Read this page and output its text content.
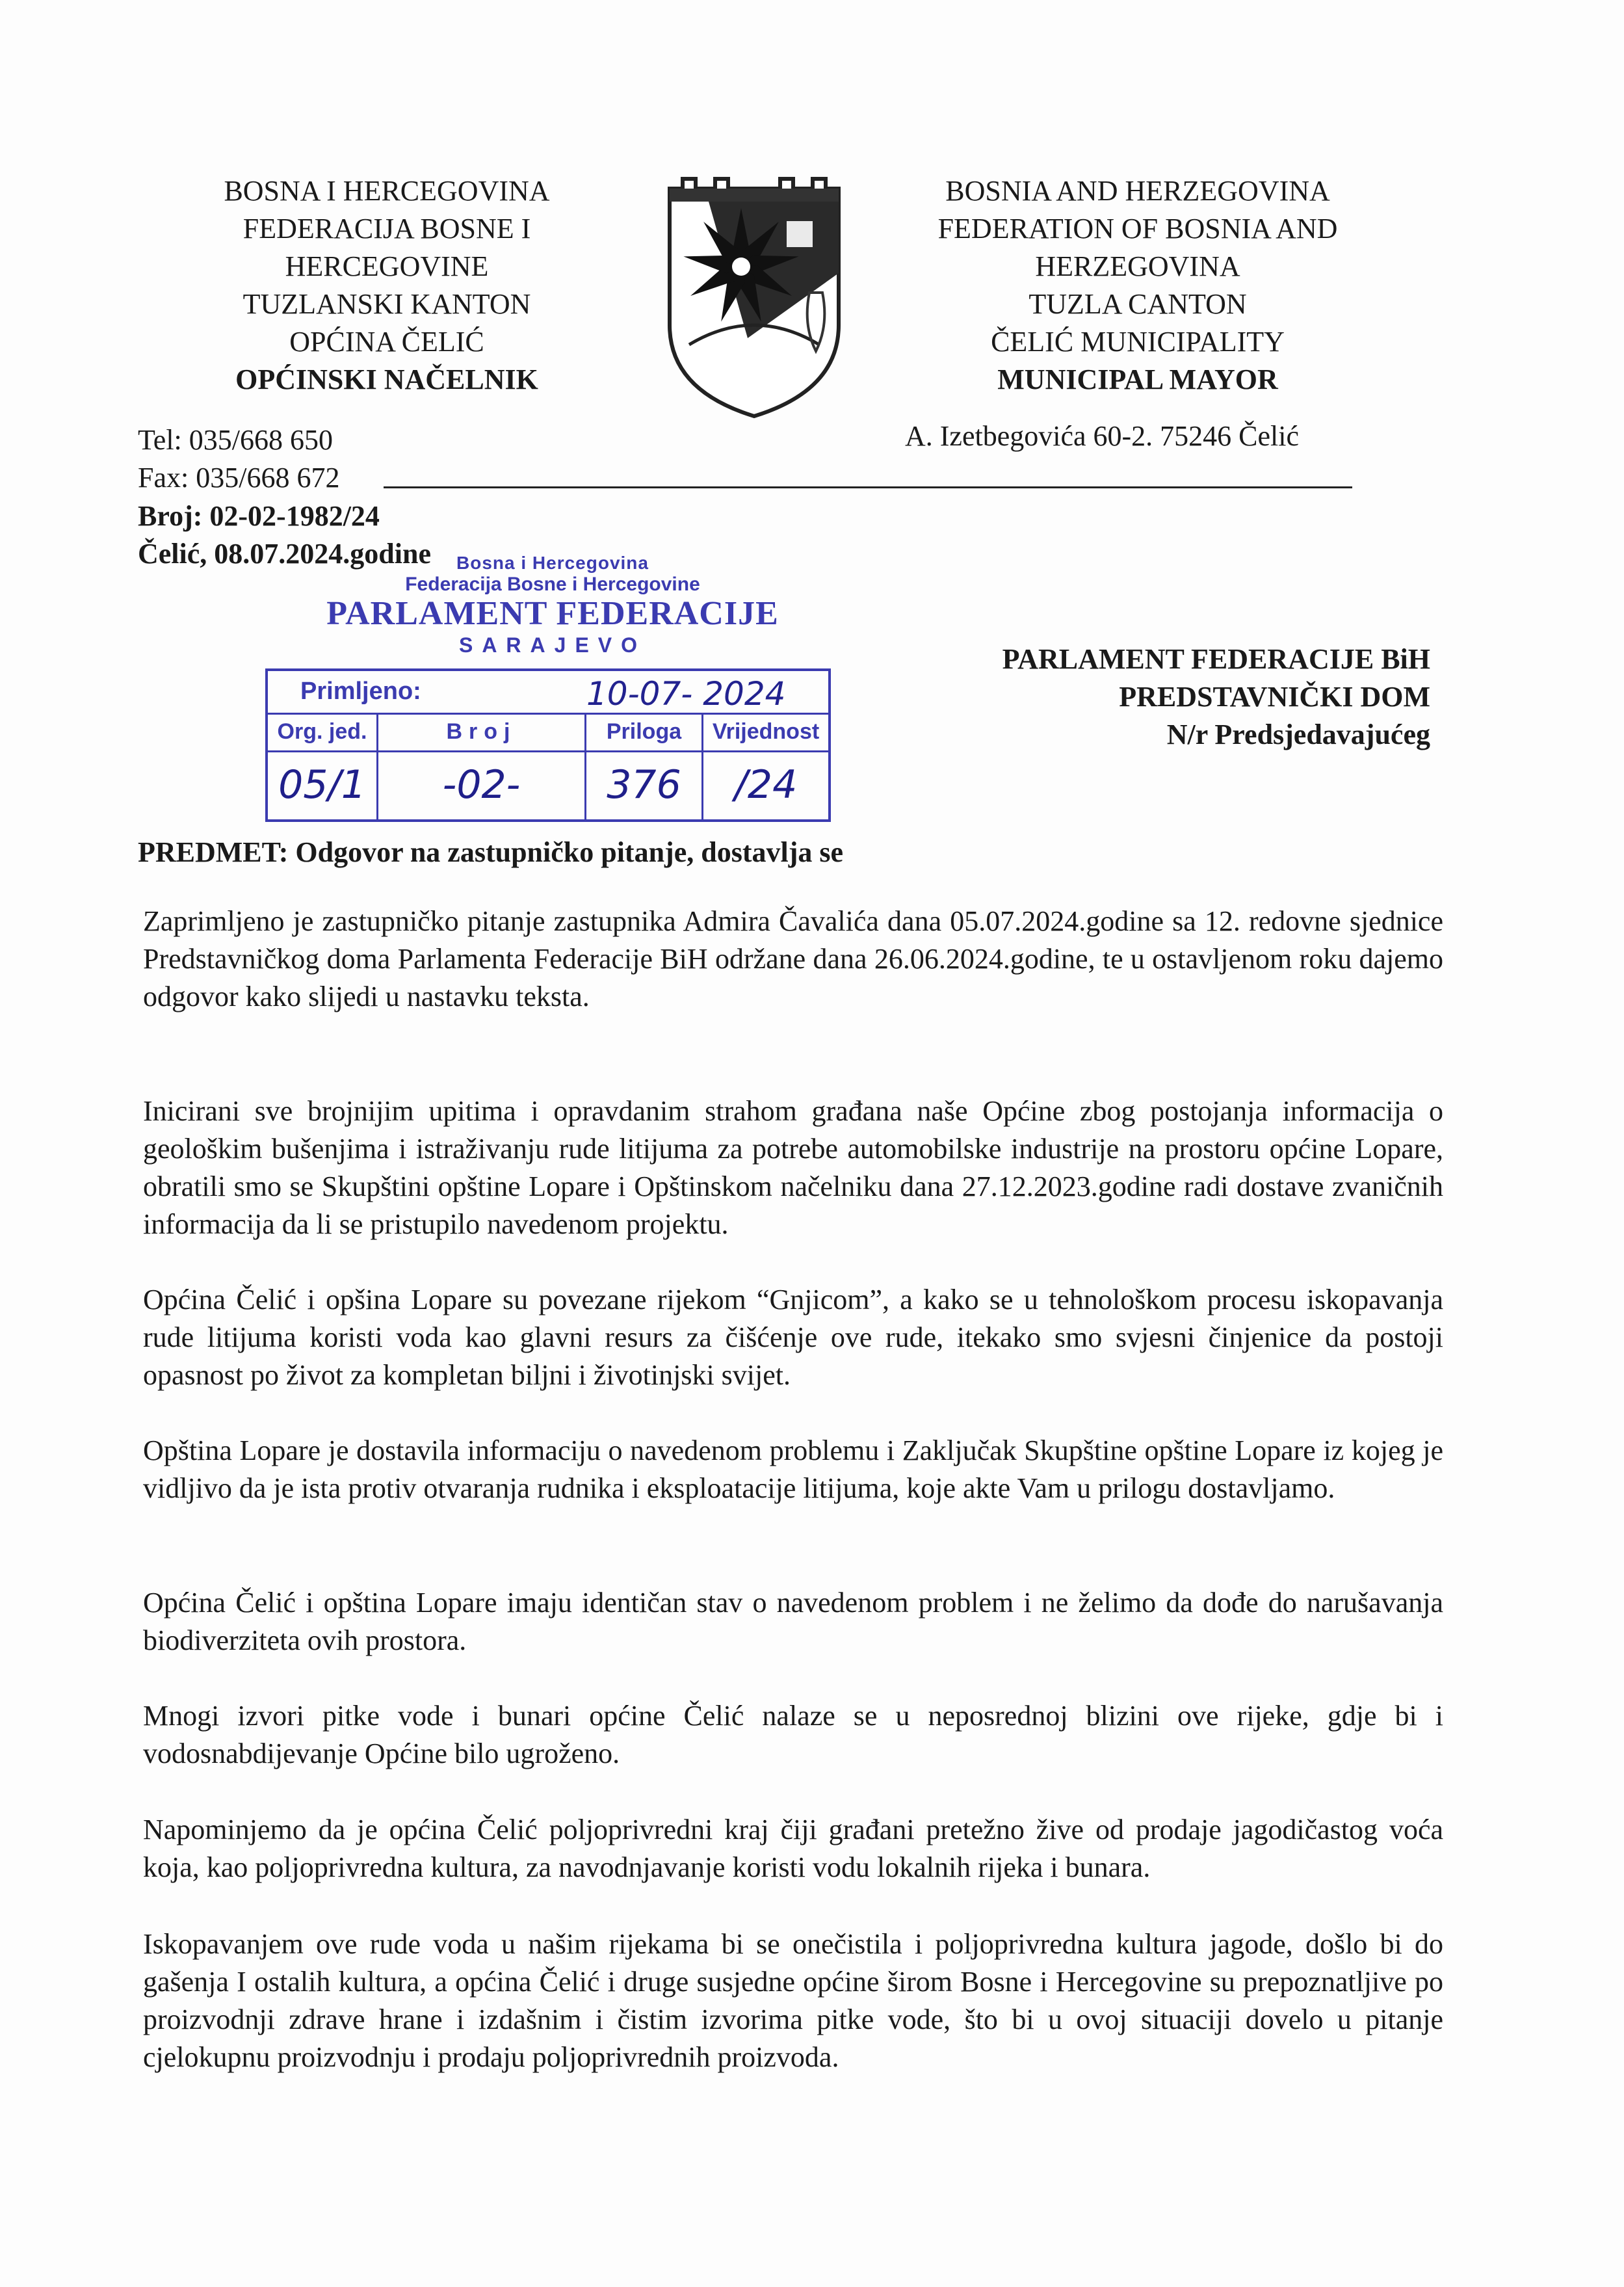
BOSNA I HERCEGOVINA
FEDERACIJA BOSNE I
HERCEGOVINE
TUZLANSKI KANTON
OPĆINA ČELIĆ
OPĆINSKI NAČELNIK
BOSNIA AND HERZEGOVINA
FEDERATION OF BOSNIA AND
HERZEGOVINA
TUZLA CANTON
ČELIĆ MUNICIPALITY
MUNICIPAL MAYOR
Tel: 035/668 650
Fax: 035/668 672
A. Izetbegovića 60-2. 75246 Čelić
Broj: 02-02-1982/24
Čelić, 08.07.2024.godine	Bosna i Hercegovina
Federacija Bosne i Hercegovine
PARLAMENT FEDERACIJE
SARAJEVO
Primljeno:	10-07- 2024
Org. jed.	Broj	Priloga	Vrijednost
05/1	-02-	376	/24
PARLAMENT FEDERACIJE BiH
PREDSTAVNIČKI DOM
N/r Predsjedavajućeg
PREDMET: Odgovor na zastupničko pitanje, dostavlja se

Zaprimljeno je zastupničko pitanje zastupnika Admira Čavalića dana 05.07.2024.godine sa 12. redovne sjednice Predstavničkog doma Parlamenta Federacije BiH održane dana 26.06.2024.godine, te u ostavljenom roku dajemo odgovor kako slijedi u nastavku teksta.

Inicirani sve brojnijim upitima i opravdanim strahom građana naše Općine zbog postojanja informacija o geološkim bušenjima i istraživanju rude litijuma za potrebe automobilske industrije na prostoru općine Lopare, obratili smo se Skupštini opštine Lopare i Opštinskom načelniku dana 27.12.2023.godine radi dostave zvaničnih informacija da li se pristupilo navedenom projektu.

Općina Čelić i opšina Lopare su povezane rijekom “Gnjicom”, a kako se u tehnološkom procesu iskopavanja rude litijuma koristi voda kao glavni resurs za čišćenje ove rude, itekako smo svjesni činjenice da postoji opasnost po život za kompletan biljni i životinjski svijet.

Opština Lopare je dostavila informaciju o navedenom problemu i Zaključak Skupštine opštine Lopare iz kojeg je vidljivo da je ista protiv otvaranja rudnika i eksploatacije litijuma, koje akte Vam u prilogu dostavljamo.

Općina Čelić i opština Lopare imaju identičan stav o navedenom problem i ne želimo da dođe do narušavanja biodiverziteta ovih prostora.

Mnogi izvori pitke vode i bunari općine Čelić nalaze se u neposrednoj blizini ove rijeke, gdje bi i vodosnabdijevanje Općine bilo ugroženo.

Napominjemo da je općina Čelić poljoprivredni kraj čiji građani pretežno žive od prodaje jagodičastog voća koja, kao poljoprivredna kultura, za navodnjavanje koristi vodu lokalnih rijeka i bunara.

Iskopavanjem ove rude voda u našim rijekama bi se onečistila i poljoprivredna kultura jagode, došlo bi do gašenja I ostalih kultura, a općina Čelić i druge susjedne općine širom Bosne i Hercegovine su prepoznatljive po proizvodnji zdrave hrane i izdašnim i čistim izvorima pitke vode, što bi u ovoj situaciji dovelo u pitanje cjelokupnu proizvodnju i prodaju poljoprivrednih proizvoda.
